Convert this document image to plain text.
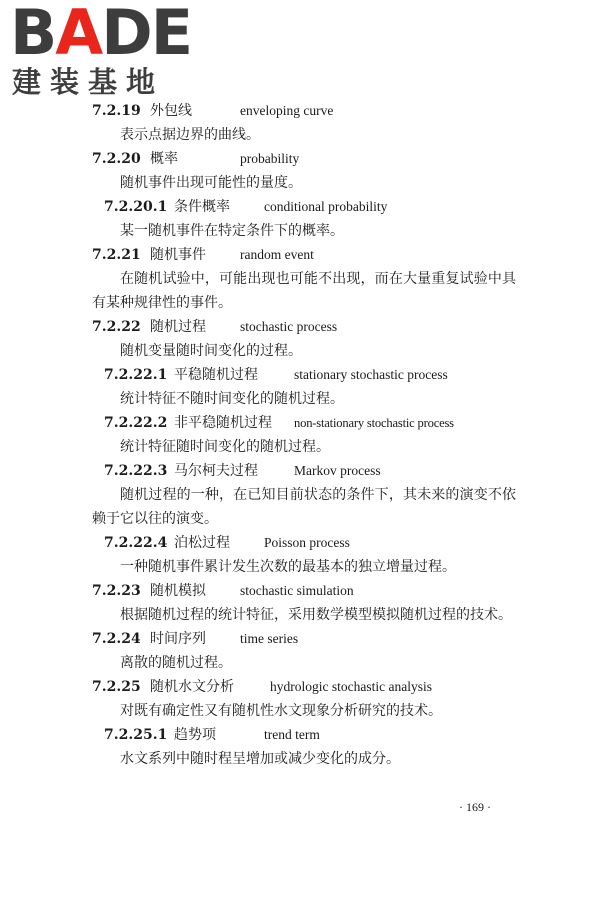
BADE
建装基地
7.2.19 外包线	enveloping curve
表示点据边界的曲线。
7.2.20 概率	probability
随机事件出现可能性的量度。
7.2.20.1 条件概率	conditional probability
某一随机事件在特定条件下的概率。
7.2.21 随机事件	random event
在随机试验中，可能出现也可能不出现，而在大量重复试验中具有某种规律性的事件。
7.2.22 随机过程	stochastic process
随机变量随时间变化的过程。
7.2.22.1 平稳随机过程	stationary stochastic process
统计特征不随时间变化的随机过程。
7.2.22.2 非平稳随机过程 non-stationary stochastic process
统计特征随时间变化的随机过程。
7.2.22.3 马尔柯夫过程	Markov process
随机过程的一种，在已知目前状态的条件下，其未来的演变不依赖于它以往的演变。
7.2.22.4 泊松过程	Poisson process
一种随机事件累计发生次数的最基本的独立增量过程。
7.2.23 随机模拟	stochastic simulation
根据随机过程的统计特征，采用数学模型模拟随机过程的技术。
7.2.24 时间序列	time series
离散的随机过程。
7.2.25 随机水文分析	hydrologic stochastic analysis
对既有确定性又有随机性水文现象分析研究的技术。
7.2.25.1 趋势项	trend term
水文系列中随时程呈增加或减少变化的成分。
· 169 ·
